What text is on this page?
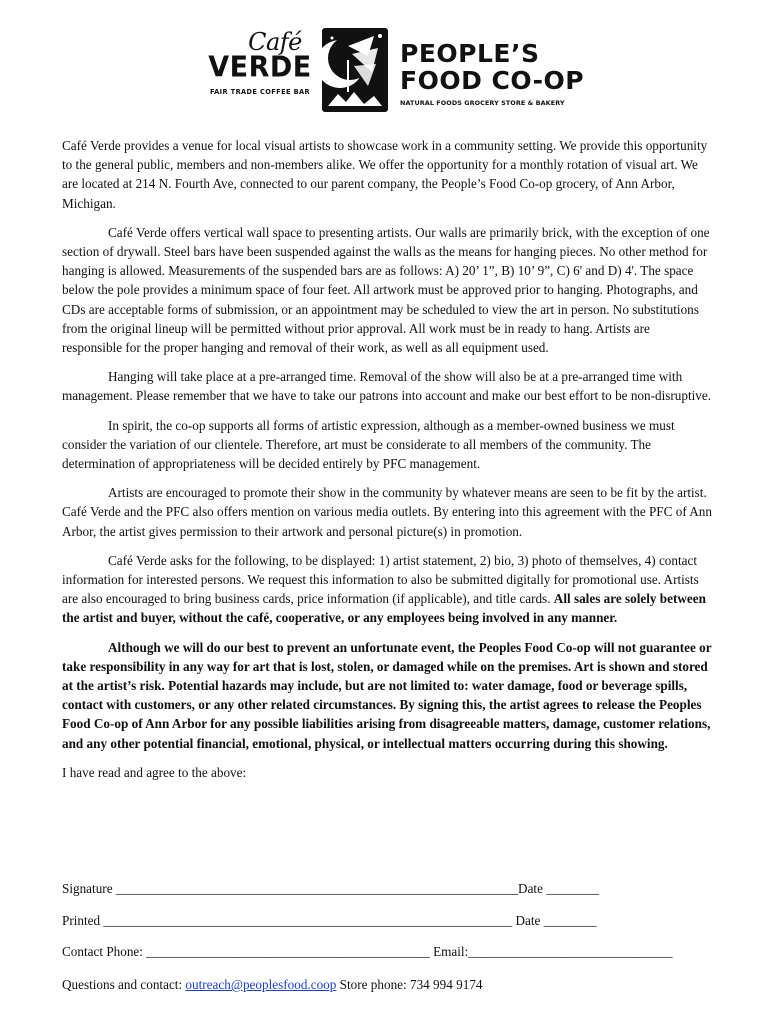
Café
VERDE
FAIR TRADE COFFEE BAR
PEOPLE’S
FOOD CO-OP
NATURAL FOODS GROCERY STORE & BAKERY

Café Verde provides a venue for local visual artists to showcase work in a community setting. We provide this opportunity to the general public, members and non-members alike. We offer the opportunity for a monthly rotation of visual art. We are located at 214 N. Fourth Ave, connected to our parent company, the People’s Food Co-op grocery, of Ann Arbor, Michigan.

Café Verde offers vertical wall space to presenting artists. Our walls are primarily brick, with the exception of one section of drywall. Steel bars have been suspended against the walls as the means for hanging pieces. No other method for hanging is allowed. Measurements of the suspended bars are as follows: A) 20’ 1”, B) 10’ 9”, C) 6' and D) 4'. The space below the pole provides a minimum space of four feet. All artwork must be approved prior to hanging. Photographs, and CDs are acceptable forms of submission, or an appointment may be scheduled to view the art in person. No substitutions from the original lineup will be permitted without prior approval. All work must be in ready to hang. Artists are responsible for the proper hanging and removal of their work, as well as all equipment used.

Hanging will take place at a pre-arranged time. Removal of the show will also be at a pre-arranged time with management. Please remember that we have to take our patrons into account and make our best effort to be non-disruptive.

In spirit, the co-op supports all forms of artistic expression, although as a member-owned business we must consider the variation of our clientele. Therefore, art must be considerate to all members of the community. The determination of appropriateness will be decided entirely by PFC management.

Artists are encouraged to promote their show in the community by whatever means are seen to be fit by the artist. Café Verde and the PFC also offers mention on various media outlets. By entering into this agreement with the PFC of Ann Arbor, the artist gives permission to their artwork and personal picture(s) in promotion.

Café Verde asks for the following, to be displayed: 1) artist statement, 2) bio, 3) photo of themselves, 4) contact information for interested persons. We request this information to also be submitted digitally for promotional use. Artists are also encouraged to bring business cards, price information (if applicable), and title cards. All sales are solely between the artist and buyer, without the café, cooperative, or any employees being involved in any manner.

Although we will do our best to prevent an unfortunate event, the Peoples Food Co-op will not guarantee or take responsibility in any way for art that is lost, stolen, or damaged while on the premises. Art is shown and stored at the artist’s risk. Potential hazards may include, but are not limited to: water damage, food or beverage spills, contact with customers, or any other related circumstances. By signing this, the artist agrees to release the Peoples Food Co-op of Ann Arbor for any possible liabilities arising from disagreeable matters, damage, customer relations, and any other potential financial, emotional, physical, or intellectual matters occurring during this showing.

I have read and agree to the above:

Signature _____________________________________________________________Date ________
Printed ______________________________________________________________ Date ________
Contact Phone: ___________________________________________ Email:_______________________________
Questions and contact: outreach@peoplesfood.coop Store phone: 734 994 9174
